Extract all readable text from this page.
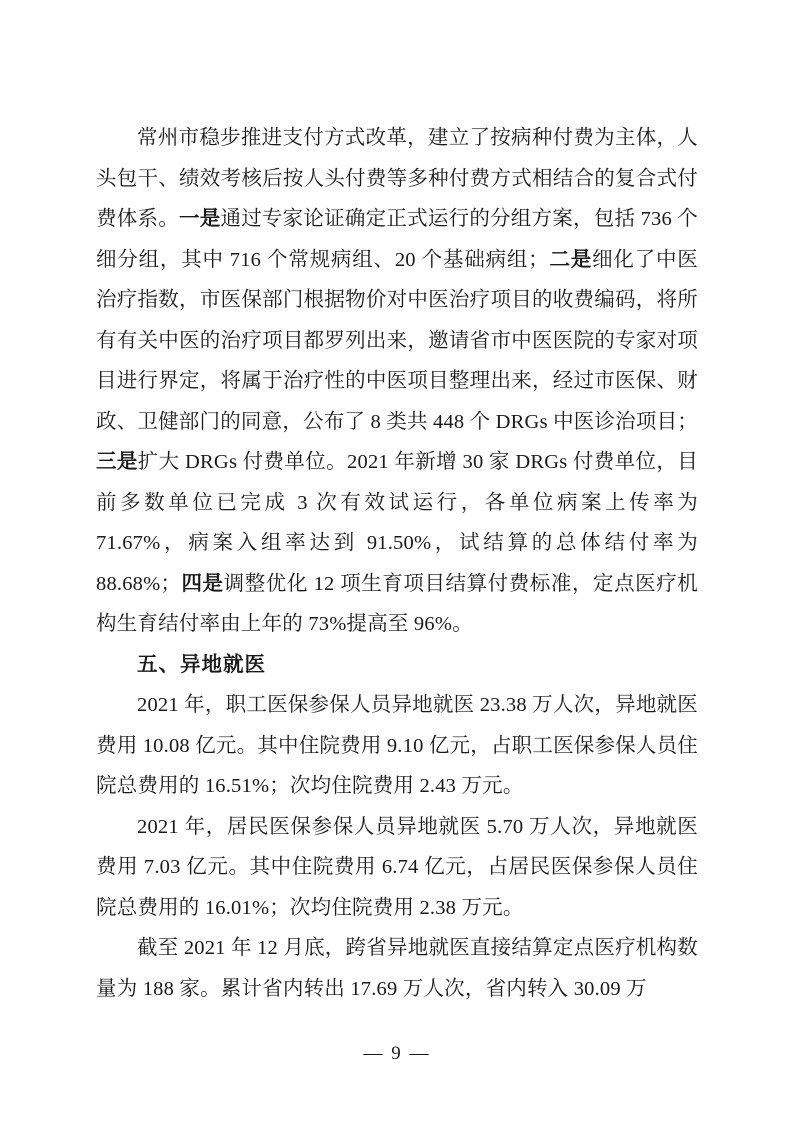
常州市稳步推进支付方式改革，建立了按病种付费为主体，人头包干、绩效考核后按人头付费等多种付费方式相结合的复合式付费体系。一是通过专家论证确定正式运行的分组方案，包括 736 个细分组，其中 716 个常规病组、20 个基础病组；二是细化了中医治疗指数，市医保部门根据物价对中医治疗项目的收费编码，将所有有关中医的治疗项目都罗列出来，邀请省市中医医院的专家对项目进行界定，将属于治疗性的中医项目整理出来，经过市医保、财政、卫健部门的同意，公布了 8 类共 448 个 DRGs 中医诊治项目；三是扩大 DRGs 付费单位。2021 年新增 30 家 DRGs 付费单位，目前多数单位已完成 3 次有效试运行，各单位病案上传率为 71.67%，病案入组率达到 91.50%，试结算的总体结付率为 88.68%；四是调整优化 12 项生育项目结算付费标准，定点医疗机构生育结付率由上年的 73%提高至 96%。

五、异地就医

2021 年，职工医保参保人员异地就医 23.38 万人次，异地就医费用 10.08 亿元。其中住院费用 9.10 亿元，占职工医保参保人员住院总费用的 16.51%；次均住院费用 2.43 万元。

2021 年，居民医保参保人员异地就医 5.70 万人次，异地就医费用 7.03 亿元。其中住院费用 6.74 亿元，占居民医保参保人员住院总费用的 16.01%；次均住院费用 2.38 万元。

截至 2021 年 12 月底，跨省异地就医直接结算定点医疗机构数量为 188 家。累计省内转出 17.69 万人次，省内转入 30.09 万

— 9 —
